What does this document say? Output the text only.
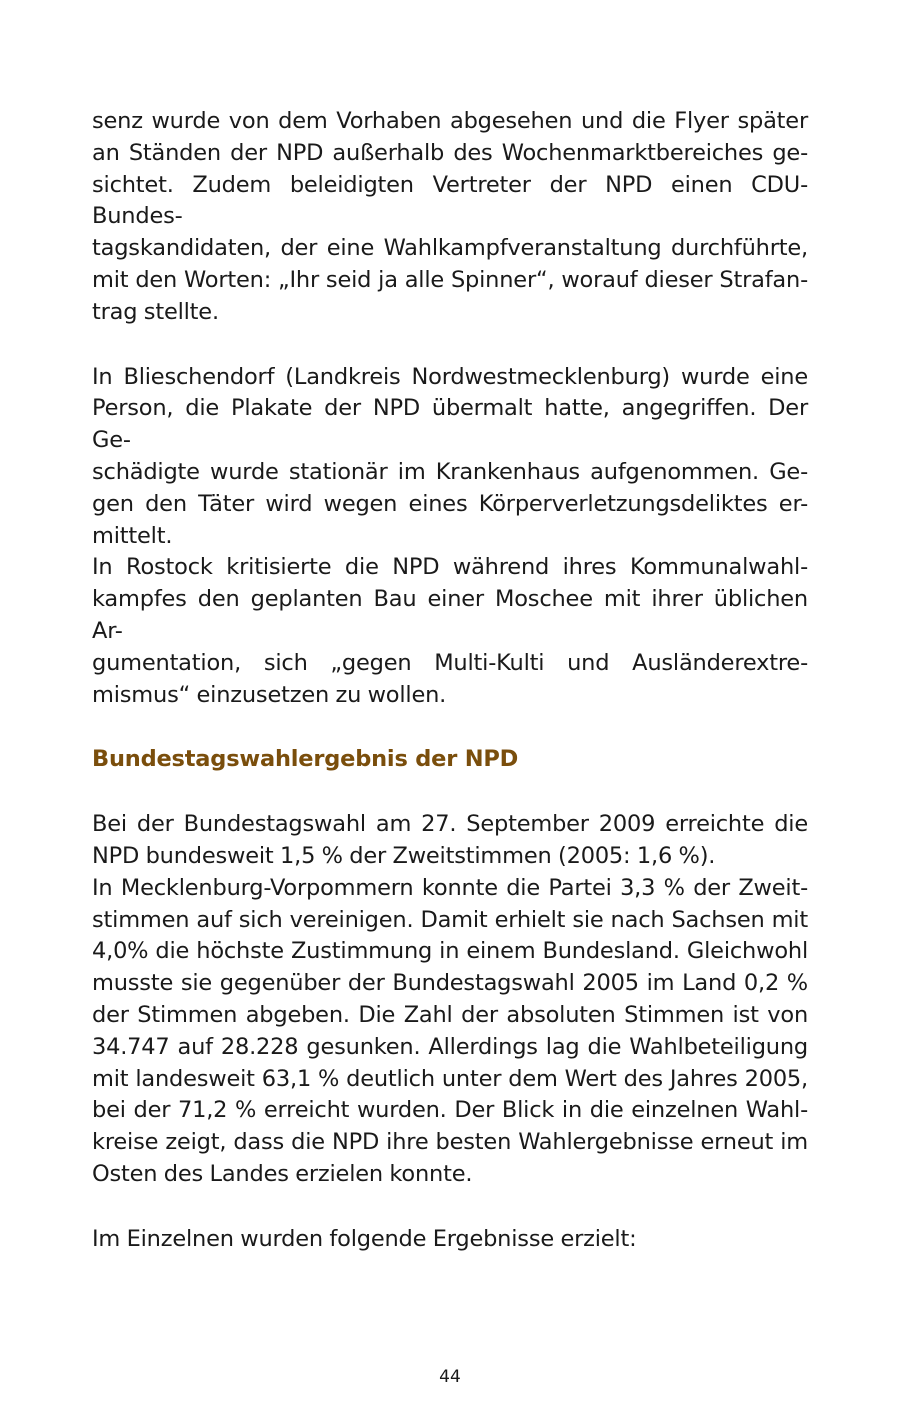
senz wurde von dem Vorhaben abgesehen und die Flyer später
an Ständen der NPD außerhalb des Wochenmarktbereiches ge-
sichtet. Zudem beleidigten Vertreter der NPD einen CDU-Bundes-
tagskandidaten, der eine Wahlkampfveranstaltung durchführte,
mit den Worten: „Ihr seid ja alle Spinner“, worauf dieser Strafan-
trag stellte.

In Blieschendorf (Landkreis Nordwestmecklenburg) wurde eine
Person, die Plakate der NPD übermalt hatte, angegriffen. Der Ge-
schädigte wurde stationär im Krankenhaus aufgenommen. Ge-
gen den Täter wird wegen eines Körperverletzungsdeliktes er-
mittelt.

In Rostock kritisierte die NPD während ihres Kommunalwahl-
kampfes den geplanten Bau einer Moschee mit ihrer üblichen Ar-
gumentation, sich „gegen Multi-Kulti und Ausländerextre-
mismus“ einzusetzen zu wollen.

Bundestagswahlergebnis der NPD

Bei der Bundestagswahl am 27. September 2009 erreichte die
NPD bundesweit 1,5 % der Zweitstimmen (2005: 1,6 %).

In Mecklenburg-Vorpommern konnte die Partei 3,3 % der Zweit-
stimmen auf sich vereinigen. Damit erhielt sie nach Sachsen mit
4,0% die höchste Zustimmung in einem Bundesland. Gleichwohl
musste sie gegenüber der Bundestagswahl 2005 im Land 0,2 %
der Stimmen abgeben. Die Zahl der absoluten Stimmen ist von
34.747 auf 28.228 gesunken. Allerdings lag die Wahlbeteiligung
mit landesweit 63,1 % deutlich unter dem Wert des Jahres 2005,
bei der 71,2 % erreicht wurden. Der Blick in die einzelnen Wahl-
kreise zeigt, dass die NPD ihre besten Wahlergebnisse erneut im
Osten des Landes erzielen konnte.

Im Einzelnen wurden folgende Ergebnisse erzielt:

44
